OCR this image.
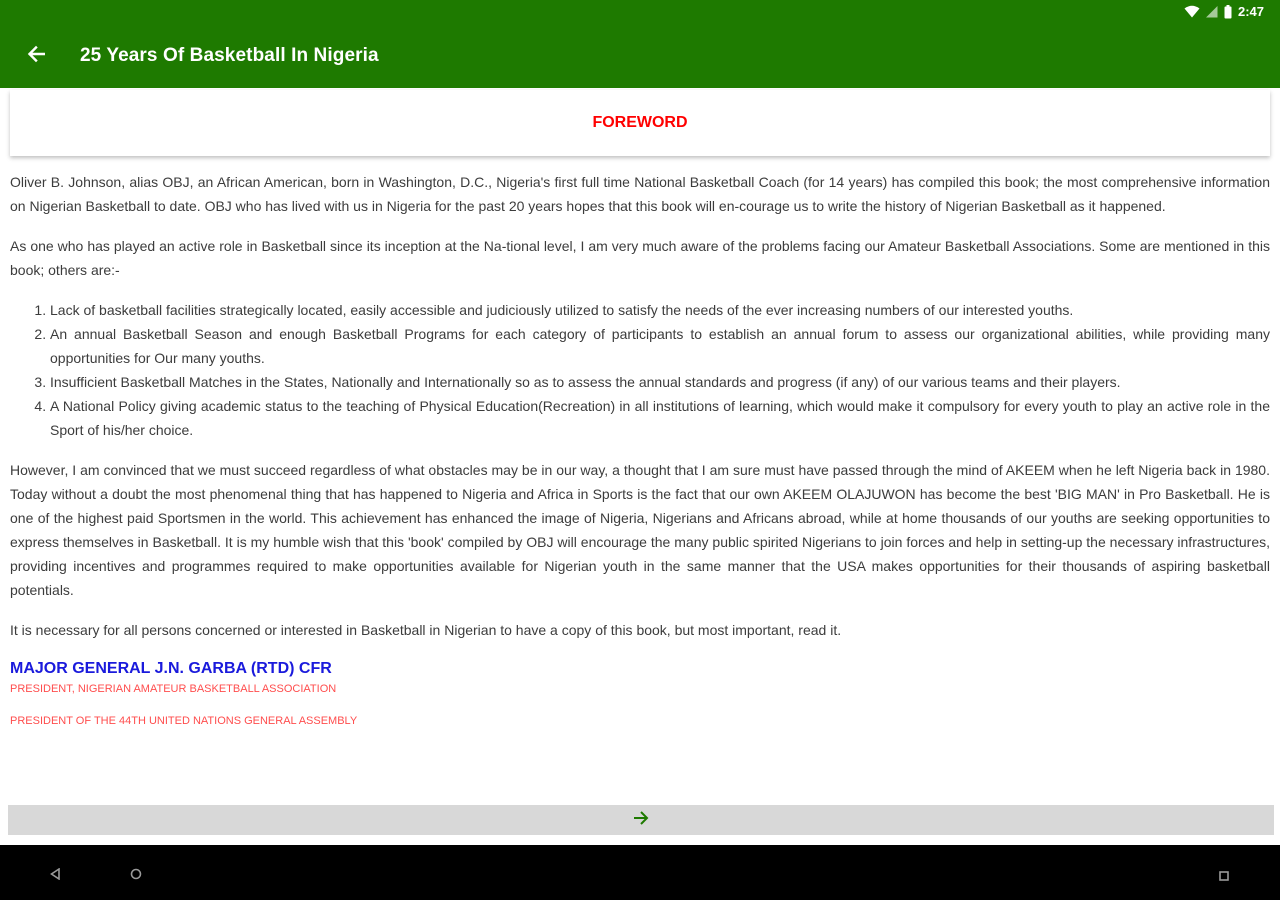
2:47
25 Years Of Basketball In Nigeria
FOREWORD

Oliver B. Johnson, alias OBJ, an African American, born in Washington, D.C., Nigeria's first full time National Basketball Coach (for 14 years) has compiled this book; the most comprehensive information on Nigerian Basketball to date. OBJ who has lived with us in Nigeria for the past 20 years hopes that this book will en-courage us to write the history of Nigerian Basketball as it happened.

As one who has played an active role in Basketball since its inception at the Na-tional level, I am very much aware of the problems facing our Amateur Basketball Associations. Some are mentioned in this book; others are:-

1. Lack of basketball facilities strategically located, easily accessible and judiciously utilized to satisfy the needs of the ever increasing numbers of our interested youths.
2. An annual Basketball Season and enough Basketball Programs for each category of participants to establish an annual forum to assess our organizational abilities, while providing many opportunities for Our many youths.
3. Insufficient Basketball Matches in the States, Nationally and Internationally so as to assess the annual standards and progress (if any) of our various teams and their players.
4. A National Policy giving academic status to the teaching of Physical Education(Recreation) in all institutions of learning, which would make it compulsory for every youth to play an active role in the Sport of his/her choice.

However, I am convinced that we must succeed regardless of what obstacles may be in our way, a thought that I am sure must have passed through the mind of AKEEM when he left Nigeria back in 1980. Today without a doubt the most phenomenal thing that has happened to Nigeria and Africa in Sports is the fact that our own AKEEM OLAJUWON has become the best 'BIG MAN' in Pro Basketball. He is one of the highest paid Sportsmen in the world. This achievement has enhanced the image of Nigeria, Nigerians and Africans abroad, while at home thousands of our youths are seeking opportunities to express themselves in Basketball. It is my humble wish that this 'book' compiled by OBJ will encourage the many public spirited Nigerians to join forces and help in setting-up the necessary infrastructures, providing incentives and programmes required to make opportunities available for Nigerian youth in the same manner that the USA makes opportunities for their thousands of aspiring basketball potentials.

It is necessary for all persons concerned or interested in Basketball in Nigerian to have a copy of this book, but most important, read it.

MAJOR GENERAL J.N. GARBA (RTD) CFR
PRESIDENT, NIGERIAN AMATEUR BASKETBALL ASSOCIATION
PRESIDENT OF THE 44TH UNITED NATIONS GENERAL ASSEMBLY
